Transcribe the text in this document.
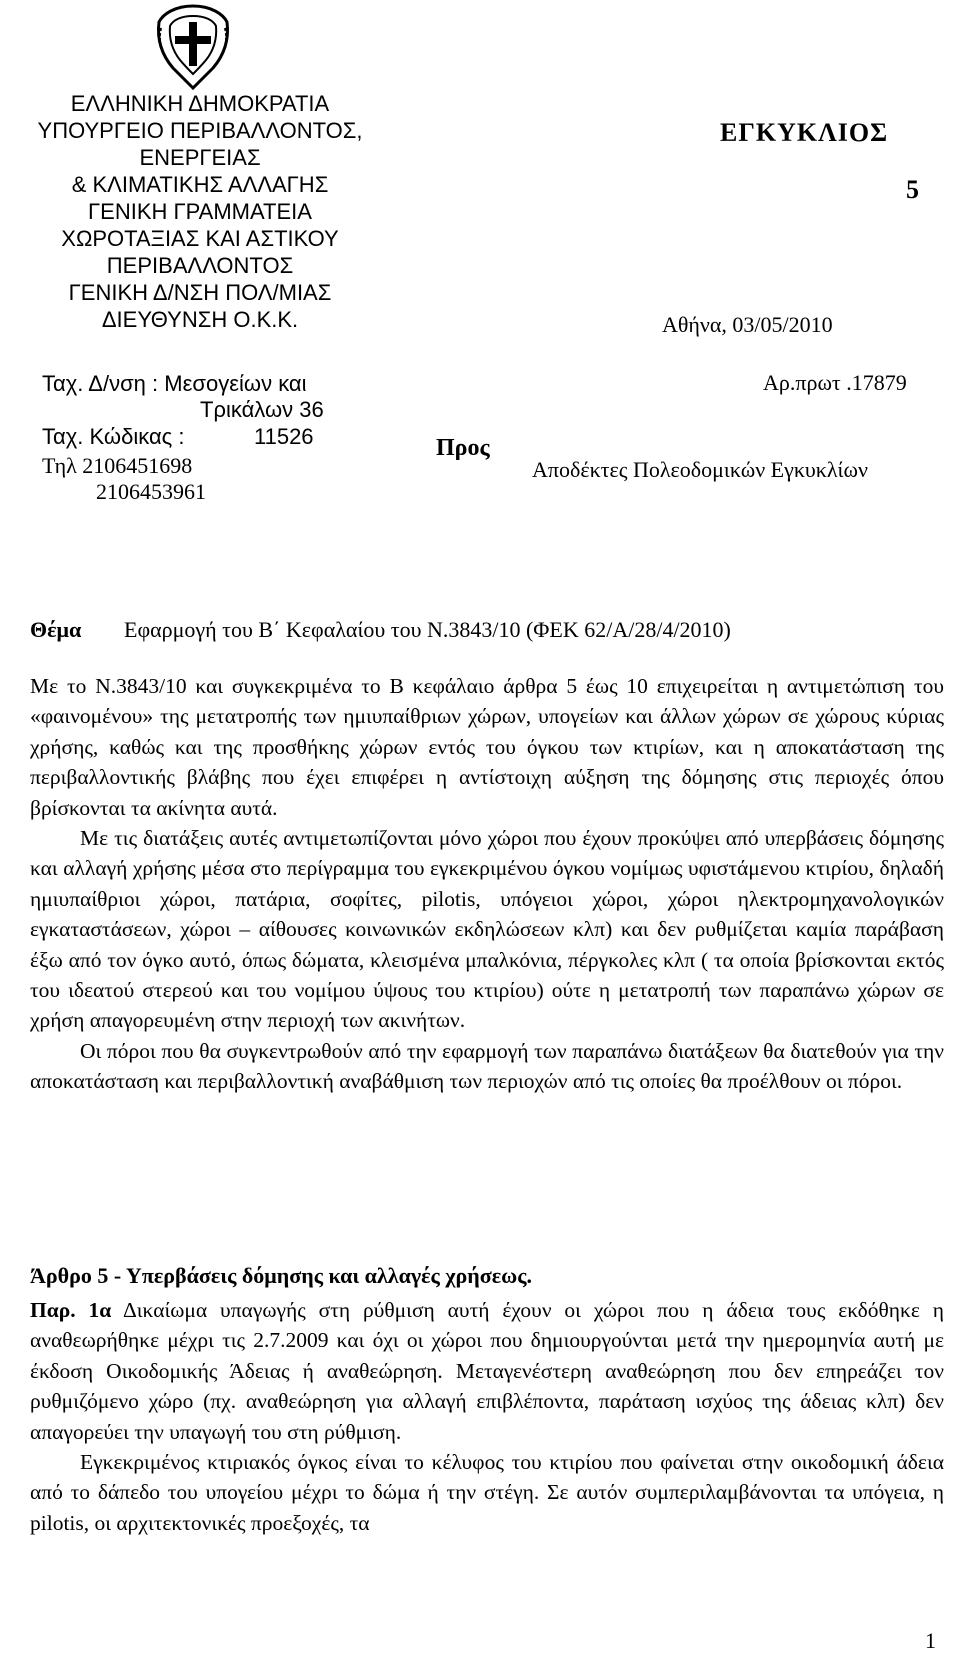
ΕΛΛΗΝΙΚΗ ΔΗΜΟΚΡΑΤΙΑ
ΥΠΟΥΡΓΕΙΟ ΠΕΡΙΒΑΛΛΟΝΤΟΣ,
ΕΝΕΡΓΕΙΑΣ
& ΚΛΙΜΑΤΙΚΗΣ ΑΛΛΑΓΗΣ
ΓΕΝΙΚΗ ΓΡΑΜΜΑΤΕΙΑ
ΧΩΡΟΤΑΞΙΑΣ ΚΑΙ ΑΣΤΙΚΟΥ
ΠΕΡΙΒΑΛΛΟΝΤΟΣ
ΓΕΝΙΚΗ Δ/ΝΣΗ ΠΟΛ/ΜΙΑΣ
ΔΙΕΥΘΥΝΣΗ Ο.Κ.Κ.
ΕΓΚΥΚΛΙΟΣ
5
Αθήνα, 03/05/2010
Ταχ. Δ/νση : Μεσογείων και
Τρικάλων 36
Ταχ. Κώδικας :	11526
Τηλ 2106451698
2106453961
Προς
Αρ.πρωτ .17879
Αποδέκτες Πολεοδομικών Εγκυκλίων
Θέμα Εφαρμογή του Β΄ Κεφαλαίου του Ν.3843/10 (ΦΕΚ 62/Α/28/4/2010)

Με το Ν.3843/10 και συγκεκριμένα το Β κεφάλαιο άρθρα 5 έως 10 επιχειρείται η αντιμετώπιση του «φαινομένου» της μετατροπής των ημιυπαίθριων χώρων, υπογείων και άλλων χώρων σε χώρους κύριας χρήσης, καθώς και της προσθήκης χώρων εντός του όγκου των κτιρίων, και η αποκατάσταση της περιβαλλοντικής βλάβης που έχει επιφέρει η αντίστοιχη αύξηση της δόμησης στις περιοχές όπου βρίσκονται τα ακίνητα αυτά.

Με τις διατάξεις αυτές αντιμετωπίζονται μόνο χώροι που έχουν προκύψει από υπερβάσεις δόμησης και αλλαγή χρήσης μέσα στο περίγραμμα του εγκεκριμένου όγκου νομίμως υφιστάμενου κτιρίου, δηλαδή ημιυπαίθριοι χώροι, πατάρια, σοφίτες, pilotis, υπόγειοι χώροι, χώροι ηλεκτρομηχανολογικών εγκαταστάσεων, χώροι – αίθουσες κοινωνικών εκδηλώσεων κλπ) και δεν ρυθμίζεται καμία παράβαση έξω από τον όγκο αυτό, όπως δώματα, κλεισμένα μπαλκόνια, πέργκολες κλπ ( τα οποία βρίσκονται εκτός του ιδεατού στερεού και του νομίμου ύψους του κτιρίου) ούτε η μετατροπή των παραπάνω χώρων σε χρήση απαγορευμένη στην περιοχή των ακινήτων.

Οι πόροι που θα συγκεντρωθούν από την εφαρμογή των παραπάνω διατάξεων θα διατεθούν για την αποκατάσταση και περιβαλλοντική αναβάθμιση των περιοχών από τις οποίες θα προέλθουν οι πόροι.

Άρθρο 5 - Υπερβάσεις δόμησης και αλλαγές χρήσεως.

Παρ. 1α Δικαίωμα υπαγωγής στη ρύθμιση αυτή έχουν οι χώροι που η άδεια τους εκδόθηκε η αναθεωρήθηκε μέχρι τις 2.7.2009 και όχι οι χώροι που δημιουργούνται μετά την ημερομηνία αυτή με έκδοση Οικοδομικής Άδειας ή αναθεώρηση. Μεταγενέστερη αναθεώρηση που δεν επηρεάζει τον ρυθμιζόμενο χώρο (πχ. αναθεώρηση για αλλαγή επιβλέποντα, παράταση ισχύος της άδειας κλπ) δεν απαγορεύει την υπαγωγή του στη ρύθμιση.

Εγκεκριμένος κτιριακός όγκος είναι το κέλυφος του κτιρίου που φαίνεται στην οικοδομική άδεια από το δάπεδο του υπογείου μέχρι το δώμα ή την στέγη. Σε αυτόν συμπεριλαμβάνονται τα υπόγεια, η pilotis, οι αρχιτεκτονικές προεξοχές, τα

1
